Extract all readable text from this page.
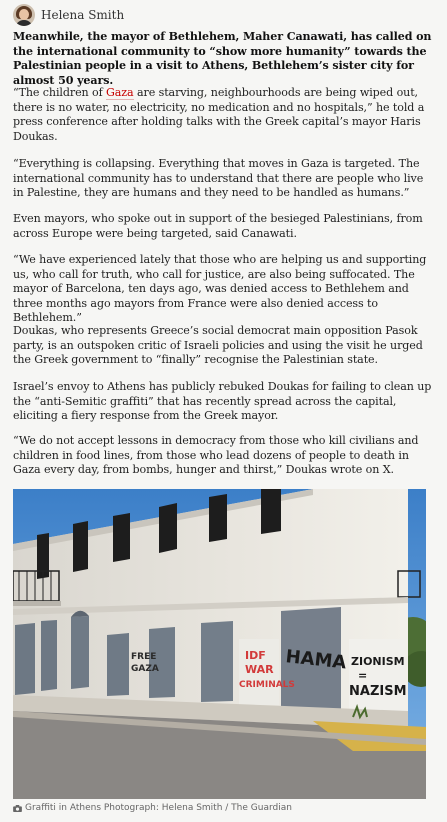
Helena Smith

Meanwhile, the mayor of Bethlehem, Maher Canawati, has called on the international community to “show more humanity” towards the Palestinian people in a visit to Athens, Bethlehem’s sister city for almost 50 years.

“The children of Gaza are starving, neighbourhoods are being wiped out, there is no water, no electricity, no medication and no hospitals,” he told a press conference after holding talks with the Greek capital’s mayor Haris Doukas.

“Everything is collapsing. Everything that moves in Gaza is targeted. The international community has to understand that there are people who live in Palestine, they are humans and they need to be handled as humans.”

Even mayors, who spoke out in support of the besieged Palestinians, from across Europe were being targeted, said Canawati.

“We have experienced lately that those who are helping us and supporting us, who call for truth, who call for justice, are also being suffocated. The mayor of Barcelona, ten days ago, was denied access to Bethlehem and three months ago mayors from France were also denied access to Bethlehem.”

Doukas, who represents Greece’s social democrat main opposition Pasok party, is an outspoken critic of Israeli policies and using the visit he urged the Greek government to “finally” recognise the Palestinian state.

Israel’s envoy to Athens has publicly rebuked Doukas for failing to clean up the “anti-Semitic graffiti” that has recently spread across the capital, eliciting a fiery response from the Greek mayor.

“We do not accept lessons in democracy from those who kill civilians and children in food lines, from those who lead dozens of people to death in Gaza every day, from bombs, hunger and thirst,” Doukas wrote on X.

FREE
GAZA
IDF
WAR
CRIMINALS
HAMA ZIONISM
=
NAZISM
Graffiti in Athens Photograph: Helena Smith / The Guardian
